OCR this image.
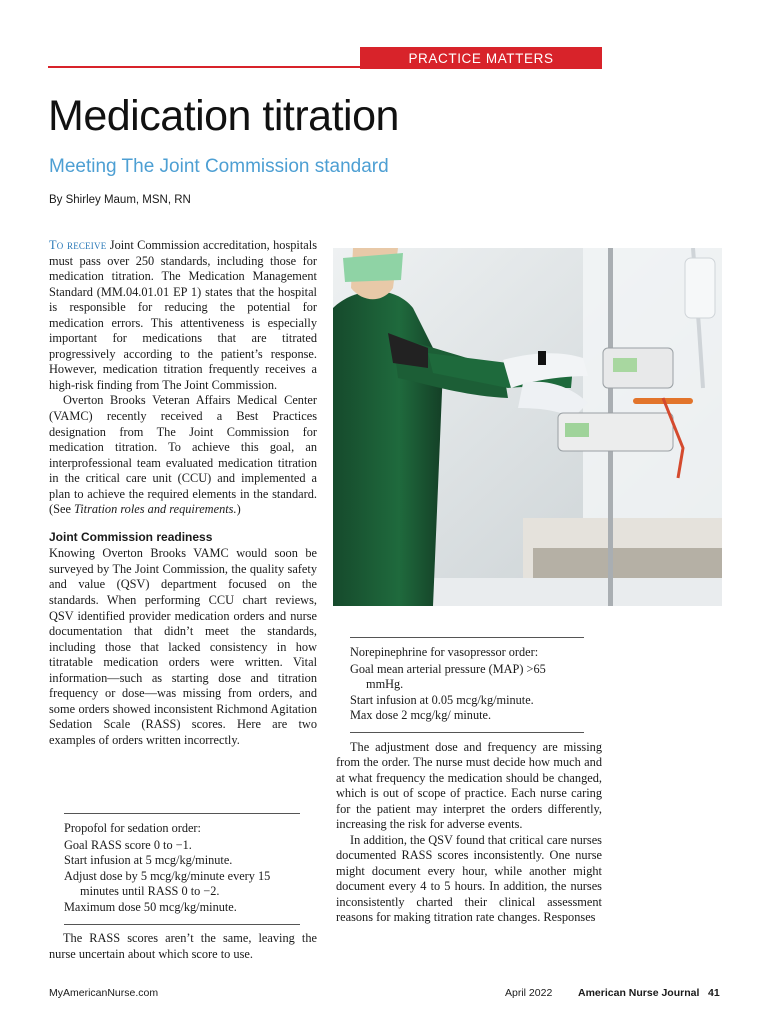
PRACTICE MATTERS
Medication titration
Meeting The Joint Commission standard
By Shirley Maum, MSN, RN

To receive Joint Commission accreditation, hospitals must pass over 250 standards, including those for medication titration. The Medication Management Standard (MM.04.01.01 EP 1) states that the hospital is responsible for reducing the potential for medication errors. This attentiveness is especially important for medications that are titrated progressively according to the patient’s response. However, medication titration frequently receives a high-risk finding from The Joint Commission.

Overton Brooks Veteran Affairs Medical Center (VAMC) recently received a Best Practices designation from The Joint Commission for medication titration. To achieve this goal, an interprofessional team evaluated medication titration in the critical care unit (CCU) and implemented a plan to achieve the required elements in the standard. (See Titration roles and requirements.)

Joint Commission readiness

Knowing Overton Brooks VAMC would soon be surveyed by The Joint Commission, the quality safety and value (QSV) department focused on the standards. When performing CCU chart reviews, QSV identified provider medication orders and nurse documentation that didn’t meet the standards, including those that lacked consistency in how titratable medication orders were written. Vital information—such as starting dose and titration frequency or dose—was missing from orders, and some orders showed inconsistent Richmond Agitation Sedation Scale (RASS) scores. Here are two examples of orders written incorrectly.

Propofol for sedation order:
Goal RASS score 0 to −1.
Start infusion at 5 mcg/kg/minute.
Adjust dose by 5 mcg/kg/minute every 15 minutes until RASS 0 to −2.
Maximum dose 50 mcg/kg/minute.

The RASS scores aren’t the same, leaving the nurse uncertain about which score to use.

Norepinephrine for vasopressor order:
Goal mean arterial pressure (MAP) >65 mmHg.
Start infusion at 0.05 mcg/kg/minute.
Max dose 2 mcg/kg/ minute.

The adjustment dose and frequency are missing from the order. The nurse must decide how much and at what frequency the medication should be changed, which is out of scope of practice. Each nurse caring for the patient may interpret the orders differently, increasing the risk for adverse events.

In addition, the QSV found that critical care nurses documented RASS scores inconsistently. One nurse might document every hour, while another might document every 4 to 5 hours. In addition, the nurses inconsistently charted their clinical assessment reasons for making titration rate changes. Responses

MyAmericanNurse.com	April 2022 American Nurse Journal 41
